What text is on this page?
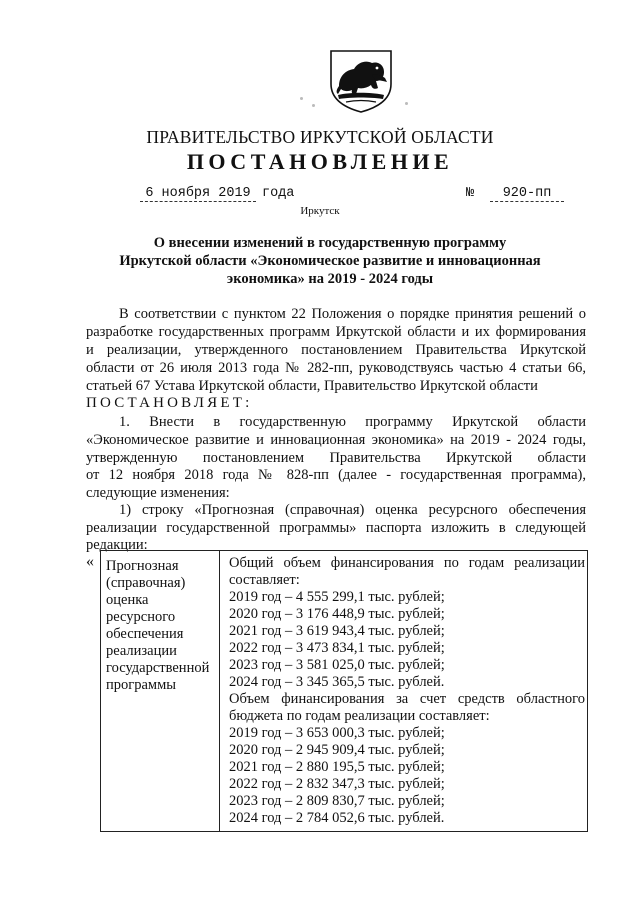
ПРАВИТЕЛЬСТВО ИРКУТСКОЙ ОБЛАСТИ
ПОСТАНОВЛЕНИЕ
6 ноября 2019 года	№	920-пп
Иркутск
О внесении изменений в государственную программу
Иркутской области «Экономическое развитие и инновационная
экономика» на 2019 - 2024 годы
В соответствии с пунктом 22 Положения о порядке принятия решений о
разработке государственных программ Иркутской области и их формирования
и реализации, утвержденного постановлением Правительства Иркутской
области от 26 июля 2013 года № 282-пп, руководствуясь частью 4 статьи 66,
статьей 67 Устава Иркутской области, Правительство Иркутской области
ПОСТАНОВЛЯЕТ:
1. Внести в государственную программу Иркутской области
«Экономическое развитие и инновационная экономика» на 2019 - 2024 годы,
утвержденную постановлением Правительства Иркутской области
от 12 ноября 2018 года № 828-пп (далее - государственная программа),
следующие изменения:
1) строку «Прогнозная (справочная) оценка ресурсного обеспечения
реализации государственной программы» паспорта изложить в следующей
редакции:
« Прогнозная
(справочная)
оценка
ресурсного
обеспечения
реализации
государственной
программы
Общий объем финансирования по годам реализации
составляет:
2019 год – 4 555 299,1 тыс. рублей;
2020 год – 3 176 448,9 тыс. рублей;
2021 год – 3 619 943,4 тыс. рублей;
2022 год – 3 473 834,1 тыс. рублей;
2023 год – 3 581 025,0 тыс. рублей;
2024 год – 3 345 365,5 тыс. рублей.
Объем финансирования за счет средств областного
бюджета по годам реализации составляет:
2019 год – 3 653 000,3 тыс. рублей;
2020 год – 2 945 909,4 тыс. рублей;
2021 год – 2 880 195,5 тыс. рублей;
2022 год – 2 832 347,3 тыс. рублей;
2023 год – 2 809 830,7 тыс. рублей;
2024 год – 2 784 052,6 тыс. рублей.
